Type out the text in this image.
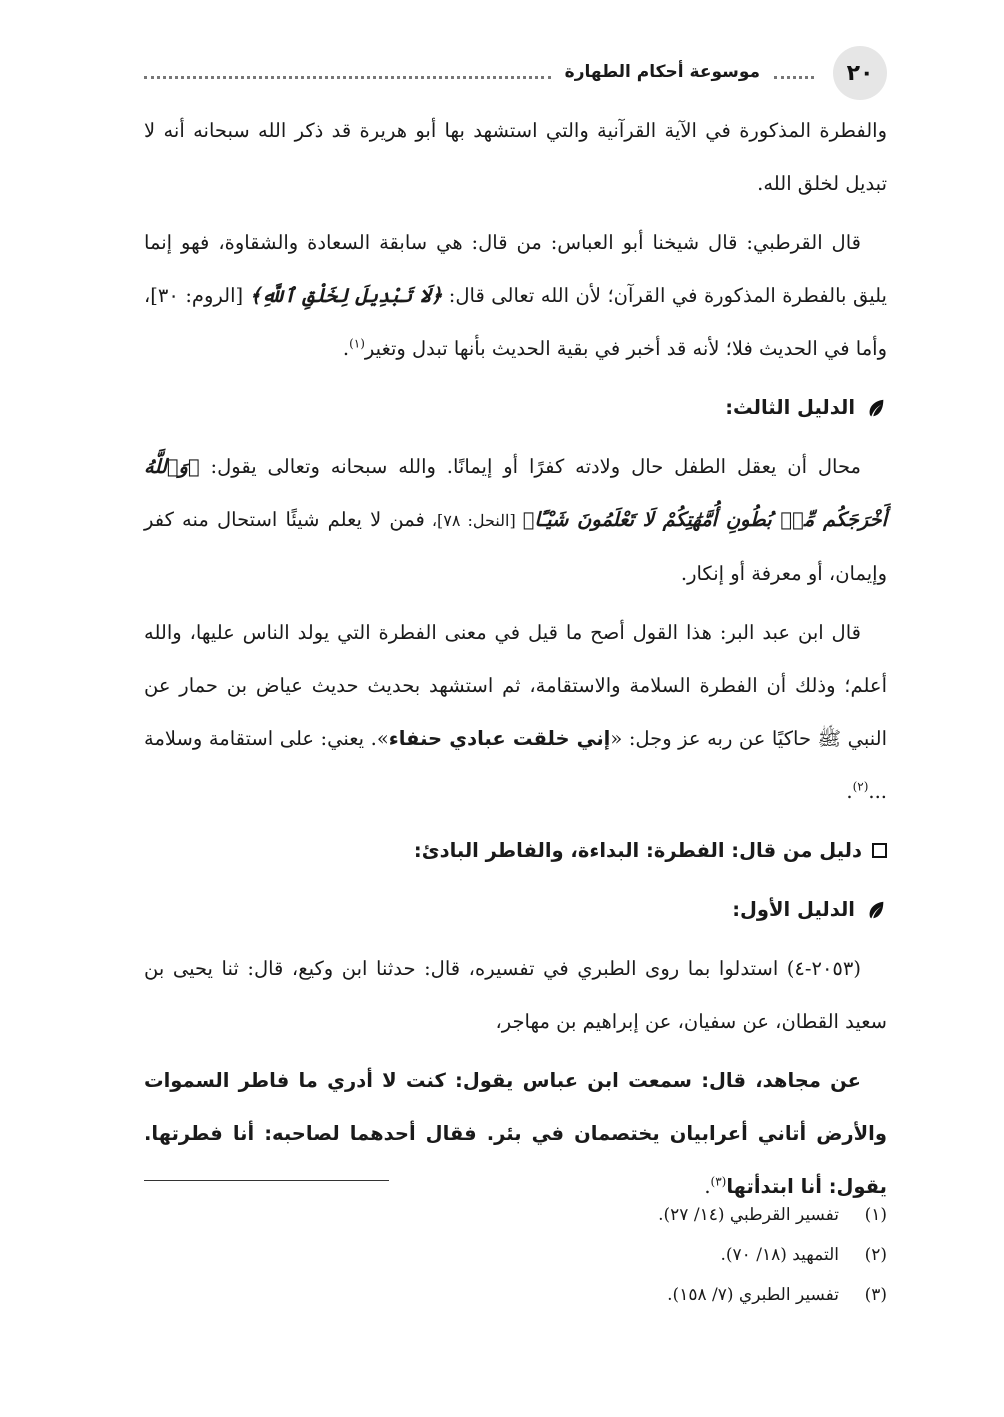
٢٠
موسوعة أحكام الطهارة

والفطرة المذكورة في الآية القرآنية والتي استشهد بها أبو هريرة قد ذكر الله سبحانه أنه لا تبديل لخلق الله.

قال القرطبي: قال شيخنا أبو العباس: من قال: هي سابقة السعادة والشقاوة، فهو إنما يليق بالفطرة المذكورة في القرآن؛ لأن الله تعالى قال: ﴿لَا تَبْدِيلَ لِخَلْقِ ٱللَّهِ﴾ [الروم: ٣٠]، وأما في الحديث فلا؛ لأنه قد أخبر في بقية الحديث بأنها تبدل وتغير$^{(١)}$.

الدليل الثالث:

محال أن يعقل الطفل حال ولادته كفرًا أو إيمانًا. والله سبحانه وتعالى يقول: ﴿وَٱللَّهُ أَخْرَجَكُم مِّنۢ بُطُونِ أُمَّهَٰتِكُمْ لَا تَعْلَمُونَ شَيْـًٔا﴾ [النحل: ٧٨]، فمن لا يعلم شيئًا استحال منه كفر وإيمان، أو معرفة أو إنكار.

قال ابن عبد البر: هذا القول أصح ما قيل في معنى الفطرة التي يولد الناس عليها، والله أعلم؛ وذلك أن الفطرة السلامة والاستقامة، ثم استشهد بحديث حديث عياض بن حمار عن النبي ﷺ حاكيًا عن ربه عز وجل: «إني خلقت عبادي حنفاء». يعني: على استقامة وسلامة ...$^{(٢)}$.

دليل من قال: الفطرة: البداءة، والفاطر البادئ:
الدليل الأول:

(٢٠٥٣-٤) استدلوا بما روى الطبري في تفسيره، قال: حدثنا ابن وكيع، قال: ثنا يحيى بن سعيد القطان، عن سفيان، عن إبراهيم بن مهاجر،

عن مجاهد، قال: سمعت ابن عباس يقول: كنت لا أدري ما فاطر السموات والأرض أتاني أعرابيان يختصمان في بئر. فقال أحدهما لصاحبه: أنا فطرتها. يقول: أنا ابتدأتها$^{(٣)}$.

(١)تفسير القرطبي (١٤/ ٢٧).
(٢)التمهيد (١٨/ ٧٠).
(٣)تفسير الطبري (٧/ ١٥٨).
